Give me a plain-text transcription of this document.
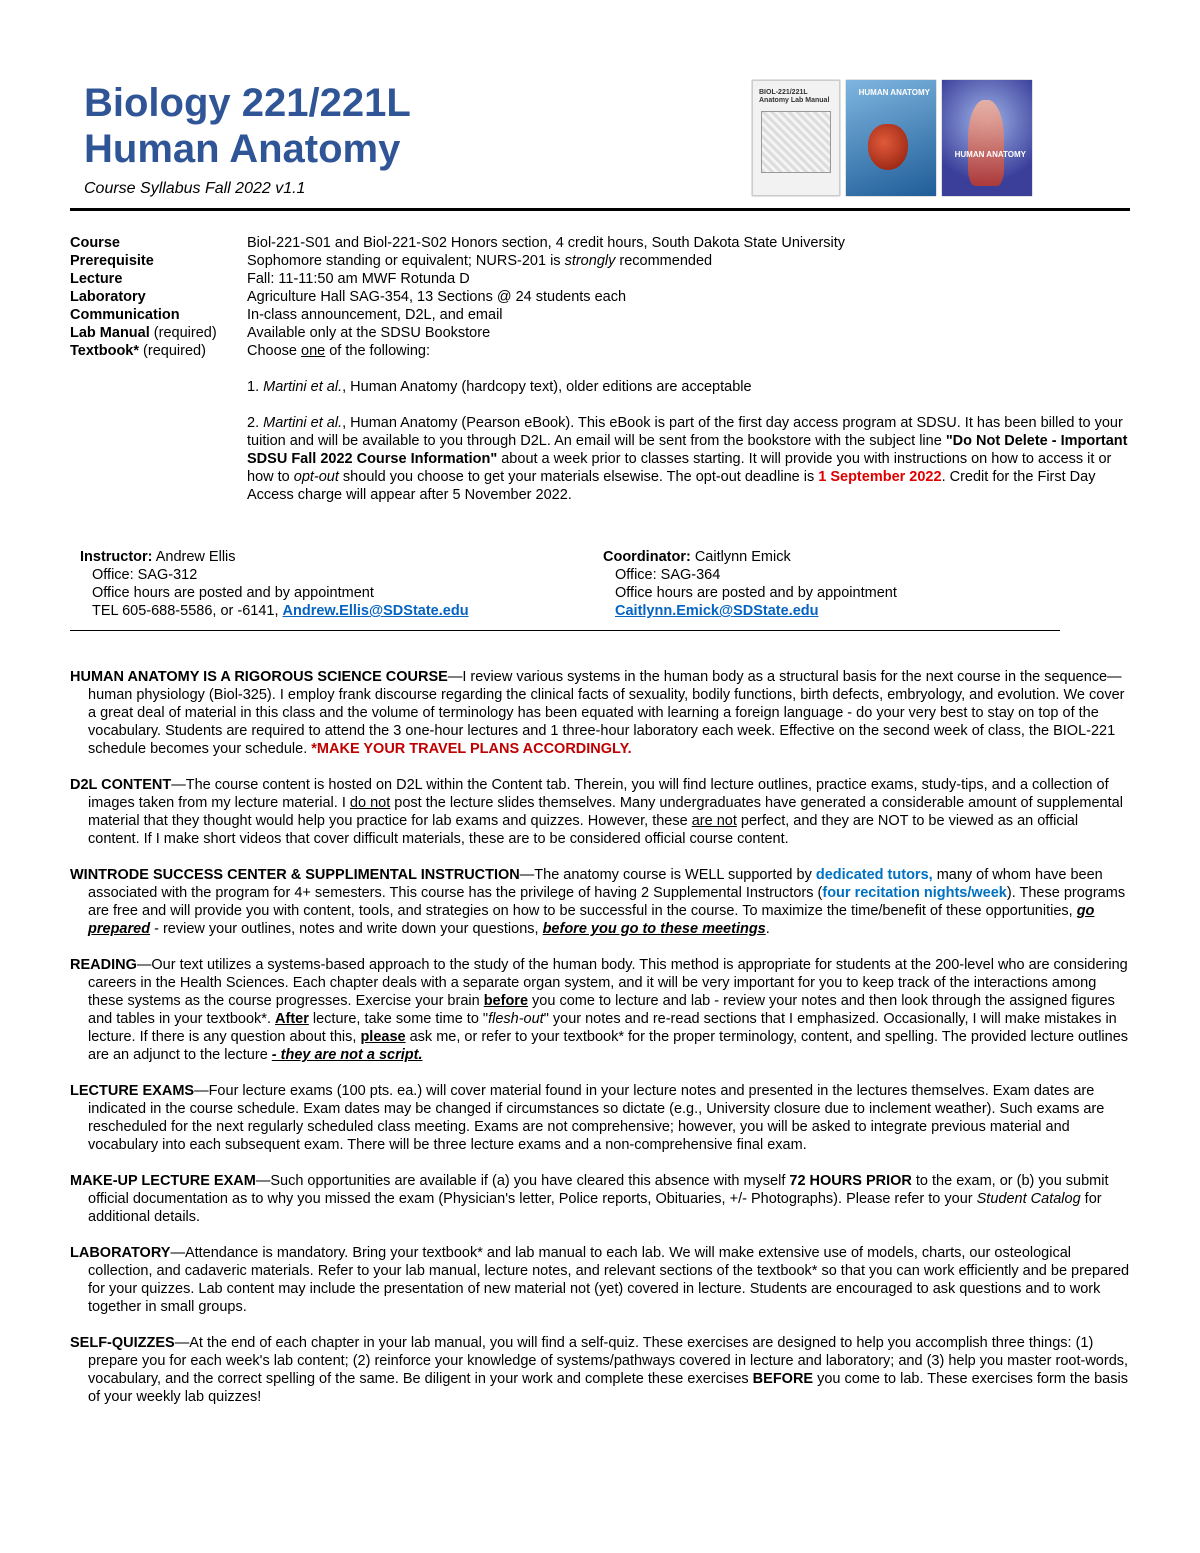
Biology 221/221L
Human Anatomy
Course Syllabus Fall 2022 v1.1
BIOL-221/221L Anatomy Lab Manual
HUMAN ANATOMY
HUMAN ANATOMY
Course	Biol-221-S01 and Biol-221-S02 Honors section, 4 credit hours, South Dakota State University
Prerequisite	Sophomore standing or equivalent; NURS-201 is strongly recommended
Lecture	Fall: 11-11:50 am MWF Rotunda D
Laboratory	Agriculture Hall SAG-354, 13 Sections @ 24 students each
Communication	In-class announcement, D2L, and email
Lab Manual (required)	Available only at the SDSU Bookstore
Textbook* (required)	Choose one of the following:

1. Martini et al., Human Anatomy (hardcopy text), older editions are acceptable

2. Martini et al., Human Anatomy (Pearson eBook). This eBook is part of the first day access program at SDSU. It has been billed to your tuition and will be available to you through D2L. An email will be sent from the bookstore with the subject line "Do Not Delete - Important SDSU Fall 2022 Course Information" about a week prior to classes starting. It will provide you with instructions on how to access it or how to opt-out should you choose to get your materials elsewise. The opt-out deadline is 1 September 2022. Credit for the First Day Access charge will appear after 5 November 2022.

Instructor: Andrew Ellis
Office: SAG-312
Office hours are posted and by appointment
TEL 605-688-5586, or -6141, Andrew.Ellis@SDState.edu
Coordinator: Caitlynn Emick
Office: SAG-364
Office hours are posted and by appointment
Caitlynn.Emick@SDState.edu

HUMAN ANATOMY IS A RIGOROUS SCIENCE COURSE—I review various systems in the human body as a structural basis for the next course in the sequence— human physiology (Biol-325). I employ frank discourse regarding the clinical facts of sexuality, bodily functions, birth defects, embryology, and evolution. We cover a great deal of material in this class and the volume of terminology has been equated with learning a foreign language - do your very best to stay on top of the vocabulary. Students are required to attend the 3 one-hour lectures and 1 three-hour laboratory each week. Effective on the second week of class, the BIOL-221 schedule becomes your schedule. *MAKE YOUR TRAVEL PLANS ACCORDINGLY.

D2L CONTENT—The course content is hosted on D2L within the Content tab. Therein, you will find lecture outlines, practice exams, study-tips, and a collection of images taken from my lecture material. I do not post the lecture slides themselves. Many undergraduates have generated a considerable amount of supplemental material that they thought would help you practice for lab exams and quizzes. However, these are not perfect, and they are NOT to be viewed as an official content. If I make short videos that cover difficult materials, these are to be considered official course content.

WINTRODE SUCCESS CENTER & SUPPLIMENTAL INSTRUCTION—The anatomy course is WELL supported by dedicated tutors, many of whom have been associated with the program for 4+ semesters. This course has the privilege of having 2 Supplemental Instructors (four recitation nights/week). These programs are free and will provide you with content, tools, and strategies on how to be successful in the course. To maximize the time/benefit of these opportunities, go prepared - review your outlines, notes and write down your questions, before you go to these meetings.

READING—Our text utilizes a systems-based approach to the study of the human body. This method is appropriate for students at the 200-level who are considering careers in the Health Sciences. Each chapter deals with a separate organ system, and it will be very important for you to keep track of the interactions among these systems as the course progresses. Exercise your brain before you come to lecture and lab - review your notes and then look through the assigned figures and tables in your textbook*. After lecture, take some time to "flesh-out" your notes and re-read sections that I emphasized. Occasionally, I will make mistakes in lecture. If there is any question about this, please ask me, or refer to your textbook* for the proper terminology, content, and spelling. The provided lecture outlines are an adjunct to the lecture - they are not a script.

LECTURE EXAMS—Four lecture exams (100 pts. ea.) will cover material found in your lecture notes and presented in the lectures themselves. Exam dates are indicated in the course schedule. Exam dates may be changed if circumstances so dictate (e.g., University closure due to inclement weather). Such exams are rescheduled for the next regularly scheduled class meeting. Exams are not comprehensive; however, you will be asked to integrate previous material and vocabulary into each subsequent exam. There will be three lecture exams and a non-comprehensive final exam.

MAKE-UP LECTURE EXAM—Such opportunities are available if (a) you have cleared this absence with myself 72 HOURS PRIOR to the exam, or (b) you submit official documentation as to why you missed the exam (Physician's letter, Police reports, Obituaries, +/- Photographs). Please refer to your Student Catalog for additional details.

LABORATORY—Attendance is mandatory. Bring your textbook* and lab manual to each lab. We will make extensive use of models, charts, our osteological collection, and cadaveric materials. Refer to your lab manual, lecture notes, and relevant sections of the textbook* so that you can work efficiently and be prepared for your quizzes. Lab content may include the presentation of new material not (yet) covered in lecture. Students are encouraged to ask questions and to work together in small groups.

SELF-QUIZZES—At the end of each chapter in your lab manual, you will find a self-quiz. These exercises are designed to help you accomplish three things: (1) prepare you for each week's lab content; (2) reinforce your knowledge of systems/pathways covered in lecture and laboratory; and (3) help you master root-words, vocabulary, and the correct spelling of the same. Be diligent in your work and complete these exercises BEFORE you come to lab. These exercises form the basis of your weekly lab quizzes!
